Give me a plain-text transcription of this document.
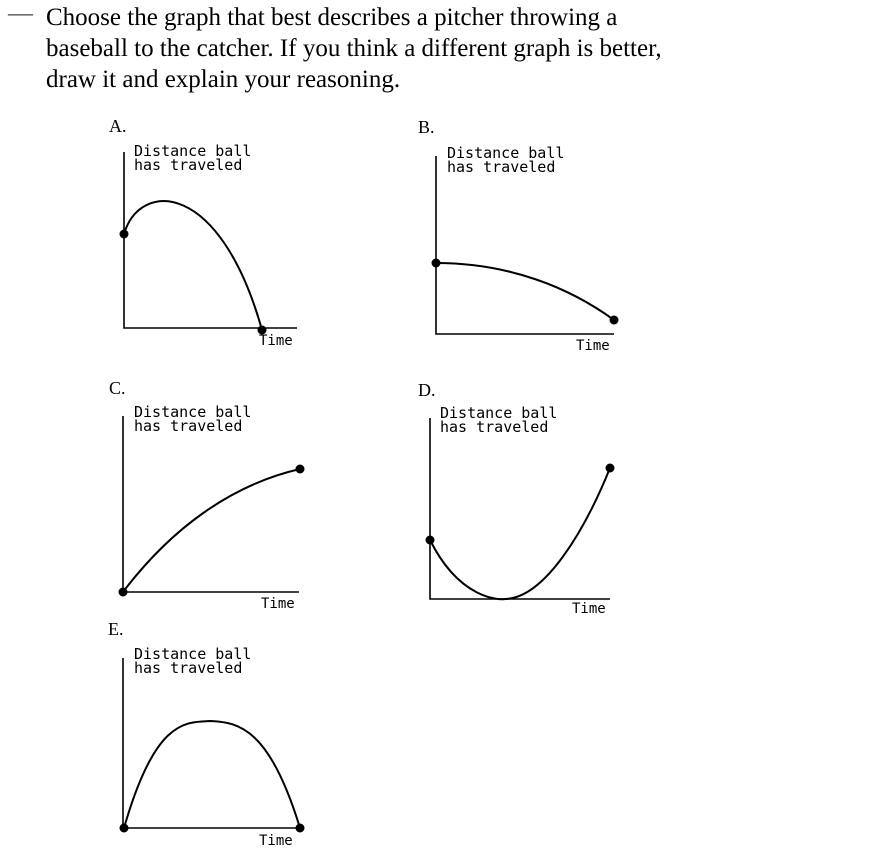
— Choose the graph that best describes a pitcher throwing a
baseball to the catcher. If you think a different graph is better,
draw it and explain your reasoning.
A.
Distance ball
has traveled
Time
B.
Distance ball
has traveled
Time
C.
Distance ball
has traveled
Time
D.
Distance ball
has traveled
Time
E.
Distance ball
has traveled
Time
